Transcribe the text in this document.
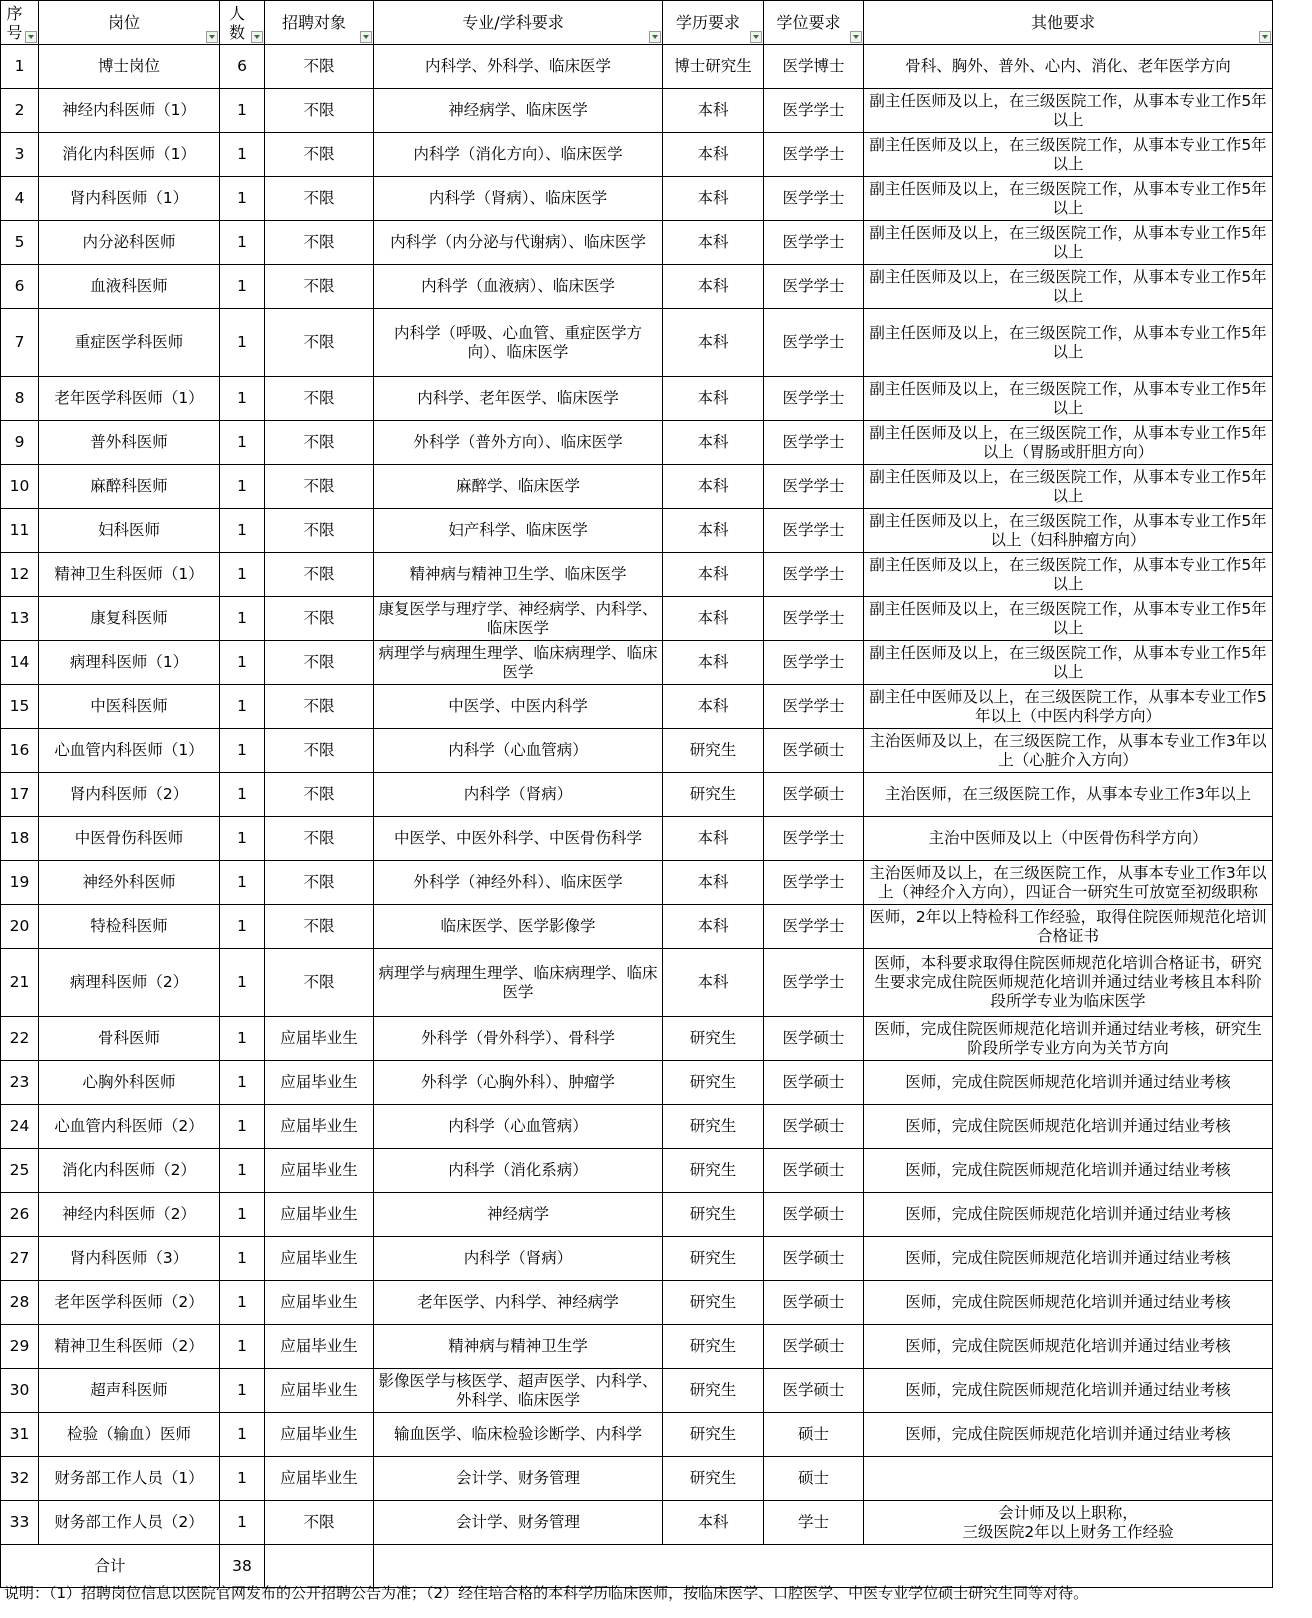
序号	岗位	人数	招聘对象	专业/学科要求	学历要求	学位要求	其他要求

1	博士岗位	6	不限	内科学、外科学、临床医学	博士研究生	医学博士	骨科、胸外、普外、心内、消化、老年医学方向
2	神经内科医师（1）	1	不限	神经病学、临床医学	本科	医学学士	副主任医师及以上，在三级医院工作，从事本专业工作5年以上
3	消化内科医师（1）	1	不限	内科学（消化方向）、临床医学	本科	医学学士	副主任医师及以上，在三级医院工作，从事本专业工作5年以上
4	肾内科医师（1）	1	不限	内科学（肾病）、临床医学	本科	医学学士	副主任医师及以上，在三级医院工作，从事本专业工作5年以上
5	内分泌科医师	1	不限	内科学（内分泌与代谢病）、临床医学	本科	医学学士	副主任医师及以上，在三级医院工作，从事本专业工作5年以上
6	血液科医师	1	不限	内科学（血液病）、临床医学	本科	医学学士	副主任医师及以上，在三级医院工作，从事本专业工作5年以上
7	重症医学科医师	1	不限	内科学（呼吸、心血管、重症医学方向）、临床医学	本科	医学学士	副主任医师及以上，在三级医院工作，从事本专业工作5年以上
8	老年医学科医师（1）	1	不限	内科学、老年医学、临床医学	本科	医学学士	副主任医师及以上，在三级医院工作，从事本专业工作5年以上
9	普外科医师	1	不限	外科学（普外方向）、临床医学	本科	医学学士	副主任医师及以上，在三级医院工作，从事本专业工作5年以上（胃肠或肝胆方向）
10	麻醉科医师	1	不限	麻醉学、临床医学	本科	医学学士	副主任医师及以上，在三级医院工作，从事本专业工作5年以上
11	妇科医师	1	不限	妇产科学、临床医学	本科	医学学士	副主任医师及以上，在三级医院工作，从事本专业工作5年以上（妇科肿瘤方向）
12	精神卫生科医师（1）	1	不限	精神病与精神卫生学、临床医学	本科	医学学士	副主任医师及以上，在三级医院工作，从事本专业工作5年以上
13	康复科医师	1	不限	康复医学与理疗学、神经病学、内科学、临床医学	本科	医学学士	副主任医师及以上，在三级医院工作，从事本专业工作5年以上
14	病理科医师（1）	1	不限	病理学与病理生理学、临床病理学、临床医学	本科	医学学士	副主任医师及以上，在三级医院工作，从事本专业工作5年以上
15	中医科医师	1	不限	中医学、中医内科学	本科	医学学士	副主任中医师及以上，在三级医院工作，从事本专业工作5年以上（中医内科学方向）
16	心血管内科医师（1）	1	不限	内科学（心血管病）	研究生	医学硕士	主治医师及以上，在三级医院工作，从事本专业工作3年以上（心脏介入方向）
17	肾内科医师（2）	1	不限	内科学（肾病）	研究生	医学硕士	主治医师，在三级医院工作，从事本专业工作3年以上
18	中医骨伤科医师	1	不限	中医学、中医外科学、中医骨伤科学	本科	医学学士	主治中医师及以上（中医骨伤科学方向）
19	神经外科医师	1	不限	外科学（神经外科）、临床医学	本科	医学学士	主治医师及以上，在三级医院工作，从事本专业工作3年以上（神经介入方向），四证合一研究生可放宽至初级职称
20	特检科医师	1	不限	临床医学、医学影像学	本科	医学学士	医师，2年以上特检科工作经验，取得住院医师规范化培训合格证书
21	病理科医师（2）	1	不限	病理学与病理生理学、临床病理学、临床医学	本科	医学学士	医师，本科要求取得住院医师规范化培训合格证书，研究生要求完成住院医师规范化培训并通过结业考核且本科阶段所学专业为临床医学
22	骨科医师	1	应届毕业生	外科学（骨外科学）、骨科学	研究生	医学硕士	医师，完成住院医师规范化培训并通过结业考核，研究生阶段所学专业方向为关节方向
23	心胸外科医师	1	应届毕业生	外科学（心胸外科）、肿瘤学	研究生	医学硕士	医师，完成住院医师规范化培训并通过结业考核
24	心血管内科医师（2）	1	应届毕业生	内科学（心血管病）	研究生	医学硕士	医师，完成住院医师规范化培训并通过结业考核
25	消化内科医师（2）	1	应届毕业生	内科学（消化系病）	研究生	医学硕士	医师，完成住院医师规范化培训并通过结业考核
26	神经内科医师（2）	1	应届毕业生	神经病学	研究生	医学硕士	医师，完成住院医师规范化培训并通过结业考核
27	肾内科医师（3）	1	应届毕业生	内科学（肾病）	研究生	医学硕士	医师，完成住院医师规范化培训并通过结业考核
28	老年医学科医师（2）	1	应届毕业生	老年医学、内科学、神经病学	研究生	医学硕士	医师，完成住院医师规范化培训并通过结业考核
29	精神卫生科医师（2）	1	应届毕业生	精神病与精神卫生学	研究生	医学硕士	医师，完成住院医师规范化培训并通过结业考核
30	超声科医师	1	应届毕业生	影像医学与核医学、超声医学、内科学、外科学、临床医学	研究生	医学硕士	医师，完成住院医师规范化培训并通过结业考核
31	检验（输血）医师	1	应届毕业生	输血医学、临床检验诊断学、内科学	研究生	硕士	医师，完成住院医师规范化培训并通过结业考核
32	财务部工作人员（1）	1	应届毕业生	会计学、财务管理	研究生	硕士	
33	财务部工作人员（2）	1	不限	会计学、财务管理	本科	学士	会计师及以上职称，
三级医院2年以上财务工作经验
合计		38					
说明：（1）招聘岗位信息以医院官网发布的公开招聘公告为准；（2）经住培合格的本科学历临床医师，按临床医学、口腔医学、中医专业学位硕士研究生同等对待。
